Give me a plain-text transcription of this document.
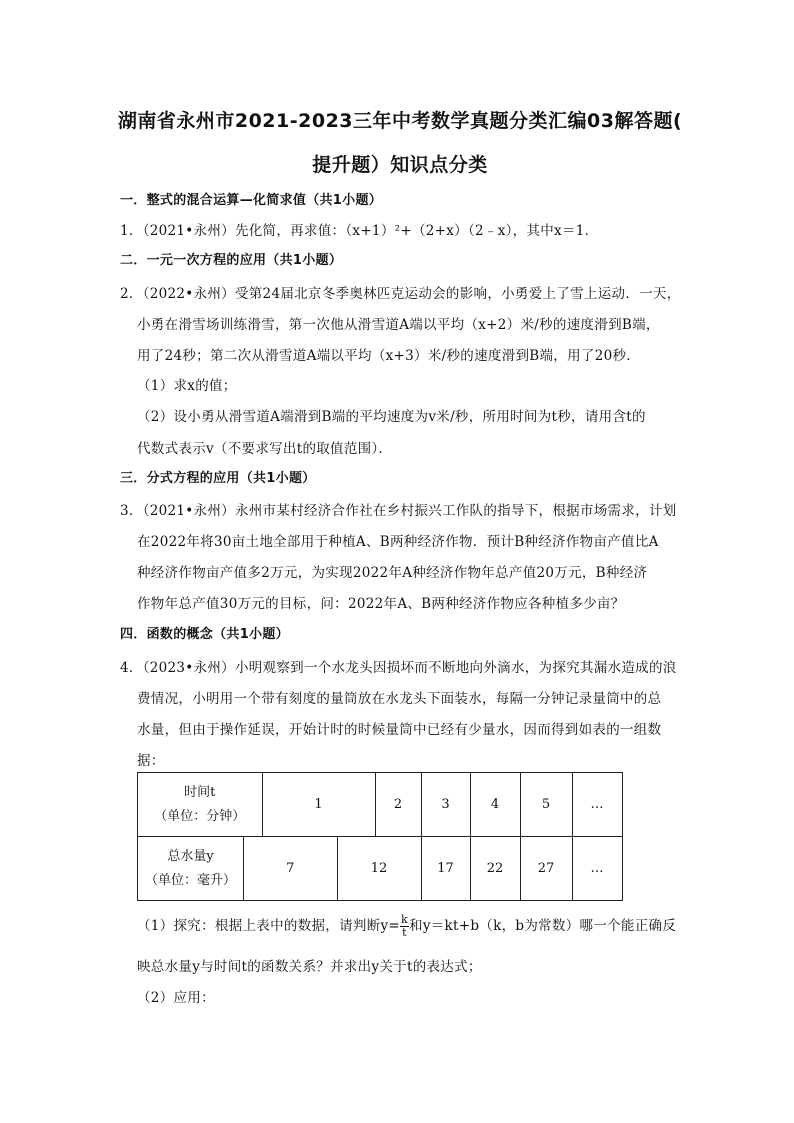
湖南省永州市2021-2023三年中考数学真题分类汇编03解答题(
提升题）知识点分类
一．整式的混合运算—化简求值（共1小题）
1．（2021•永州）先化简，再求值：（x+1）²+（2+x）（2﹣x），其中x＝1．
二．一元一次方程的应用（共1小题）
2．（2022•永州）受第24届北京冬季奥林匹克运动会的影响，小勇爱上了雪上运动．一天，
小勇在滑雪场训练滑雪，第一次他从滑雪道A端以平均（x+2）米/秒的速度滑到B端，
用了24秒；第二次从滑雪道A端以平均（x+3）米/秒的速度滑到B端，用了20秒．
（1）求x的值；
（2）设小勇从滑雪道A端滑到B端的平均速度为v米/秒，所用时间为t秒，请用含t的
代数式表示v（不要求写出t的取值范围）．
三．分式方程的应用（共1小题）
3．（2021•永州）永州市某村经济合作社在乡村振兴工作队的指导下，根据市场需求，计划
在2022年将30亩土地全部用于种植A、B两种经济作物．预计B种经济作物亩产值比A
种经济作物亩产值多2万元，为实现2022年A种经济作物年总产值20万元，B种经济
作物年总产值30万元的目标，问：2022年A、B两种经济作物应各种植多少亩？
四．函数的概念（共1小题）
4．（2023•永州）小明观察到一个水龙头因损坏而不断地向外滴水，为探究其漏水造成的浪
费情况，小明用一个带有刻度的量筒放在水龙头下面装水，每隔一分钟记录量筒中的总
水量，但由于操作延误，开始计时的时候量筒中已经有少量水，因而得到如表的一组数
据：
时间t
（单位：分钟）		1		2	3	4	5	…

总水量y
（单位：毫升）	7		12		17	22	27	…
（1）探究：根据上表中的数据，请判断$y= \frac{k}{t}$ 和y＝kt+b（k，b为常数）哪一个能正确反
映总水量y与时间t的函数关系？并求出y关于t的表达式；
（2）应用：
